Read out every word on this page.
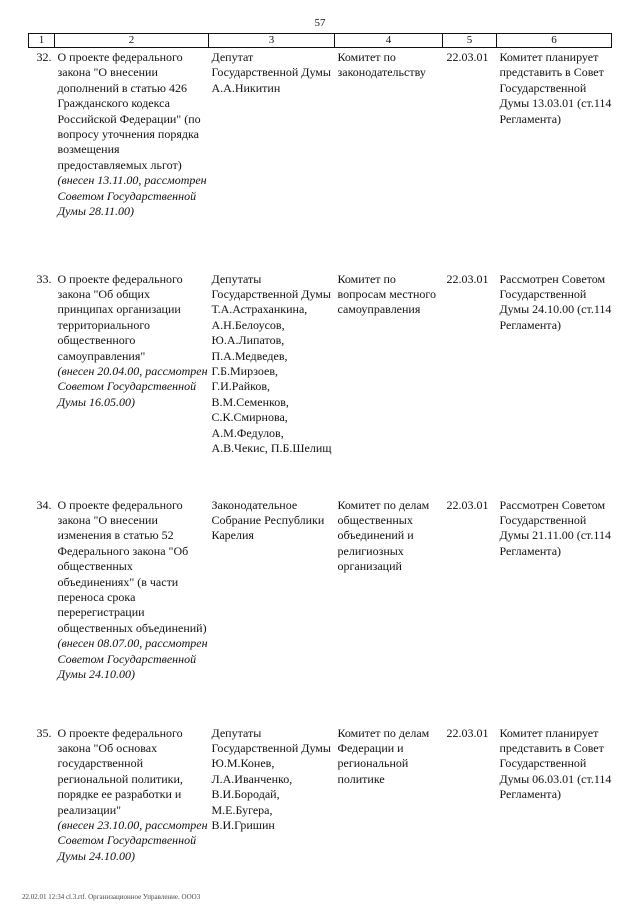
57
1	2	3	4	5	6
32.	О проекте федерального закона "О внесении дополнений в статью 426 Гражданского кодекса Российской Федерации" (по вопросу уточнения порядка возмещения предоставляемых льгот)
(внесен 13.11.00, рассмотрен Советом Государственной Думы 28.11.00)	Депутат Государственной Думы А.А.Никитин	Комитет по законодательству	22.03.01	Комитет планирует представить в Совет Государственной Думы 13.03.01 (ст.114 Регламента)
33.	О проекте федерального закона "Об общих принципах организации территориального общественного самоуправления"
(внесен 20.04.00, рассмотрен Советом Государственной Думы 16.05.00)	Депутаты Государственной Думы Т.А.Астраханкина, А.Н.Белоусов, Ю.А.Липатов, П.А.Медведев, Г.Б.Мирзоев, Г.И.Райков, В.М.Семенков, С.К.Смирнова, А.М.Федулов, А.В.Чекис, П.Б.Шелищ	Комитет по вопросам местного самоуправления	22.03.01	Рассмотрен Советом Государственной Думы 24.10.00 (ст.114 Регламента)
34.	О проекте федерального закона "О внесении изменения в статью 52 Федерального закона "Об общественных объединениях" (в части переноса срока перерегистрации общественных объединений)
(внесен 08.07.00, рассмотрен Советом Государственной Думы 24.10.00)	Законодательное Собрание Республики Карелия	Комитет по делам общественных объединений и религиозных организаций	22.03.01	Рассмотрен Советом Государственной Думы 21.11.00 (ст.114 Регламента)
35.	О проекте федерального закона "Об основах государственной региональной политики, порядке ее разработки и реализации"
(внесен 23.10.00, рассмотрен Советом Государственной Думы 24.10.00)	Депутаты Государственной Думы Ю.М.Конев, Л.А.Иванченко, В.И.Бородай, М.Е.Бугера, В.И.Гришин	Комитет по делам Федерации и региональной политике	22.03.01	Комитет планирует представить в Совет Государственной Думы 06.03.01 (ст.114 Регламента)
22.02.01 12:34 cl.3.rtf. Организационное Управление. ООО3
